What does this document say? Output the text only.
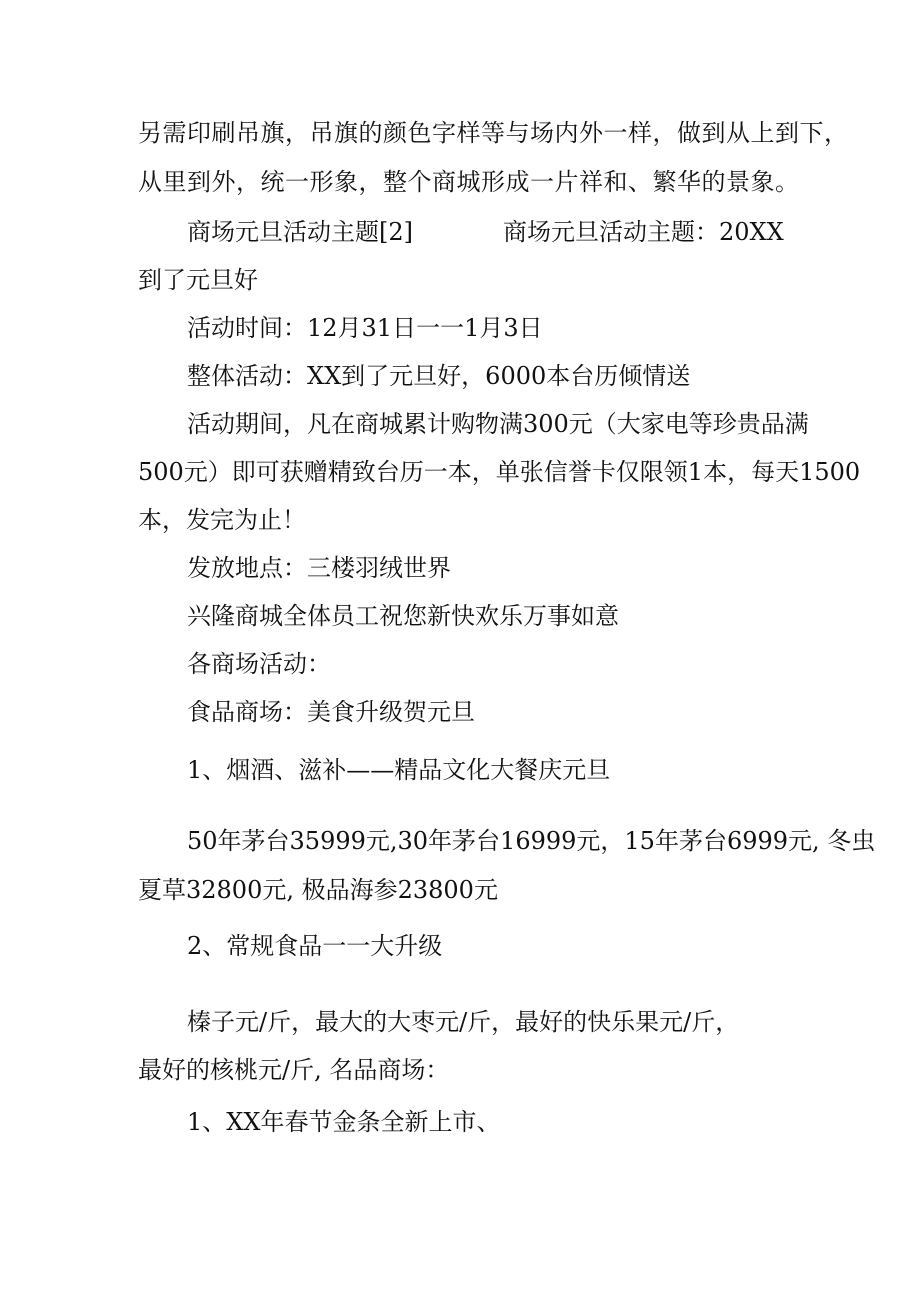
另需印刷吊旗，吊旗的颜色字样等与场内外一样，做到从上到下，
从里到外，统一形象，整个商城形成一片祥和、繁华的景象。
商场元旦活动主题[2]	商场元旦活动主题：20XX
到了元旦好
活动时间：12月31日一一1月3日
整体活动：XX到了元旦好，6000本台历倾情送
活动期间，凡在商城累计购物满300元（大家电等珍贵品满
500元）即可获赠精致台历一本，单张信誉卡仅限领1本，每天1500
本，发完为止！
发放地点：三楼羽绒世界
兴隆商城全体员工祝您新快欢乐万事如意
各商场活动：
食品商场：美食升级贺元旦
1、烟酒、滋补——精品文化大餐庆元旦
50年茅台35999元,30年茅台16999元，15年茅台6999元, 冬虫
夏草32800元, 极品海参23800元
2、常规食品一一大升级
榛子元/斤，最大的大枣元/斤，最好的快乐果元/斤，
最好的核桃元/斤, 名品商场：
1、XX年春节金条全新上市、
